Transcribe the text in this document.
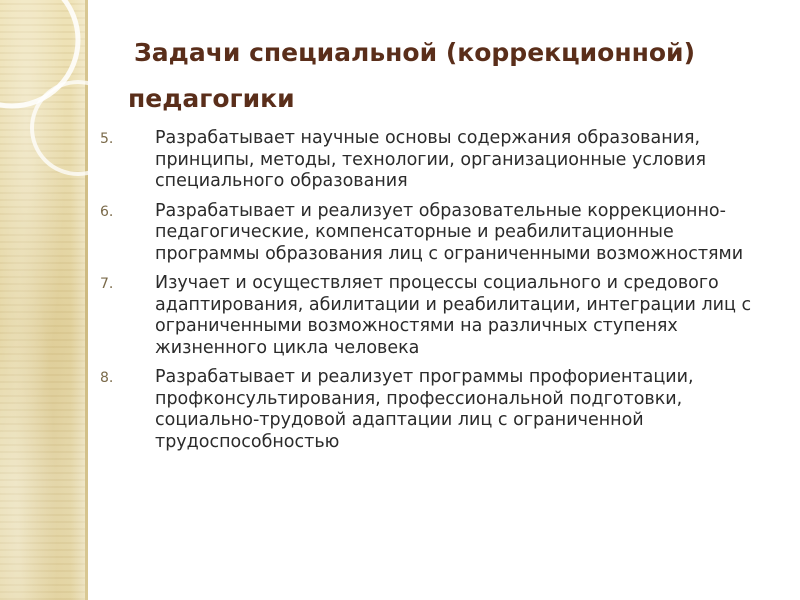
Задачи специальной (коррекционной)
педагогики
5. Разрабатывает научные основы содержания образования, принципы, методы, технологии, организационные условия специального образования
6. Разрабатывает и реализует образовательные коррекционно-педагогические, компенсаторные и реабилитационные программы образования лиц с ограниченными возможностями
7. Изучает и осуществляет процессы социального и средового адаптирования, абилитации и реабилитации, интеграции лиц с ограниченными возможностями на различных ступенях жизненного цикла человека
8. Разрабатывает и реализует программы профориентации, профконсультирования, профессиональной подготовки, социально-трудовой адаптации лиц с ограниченной трудоспособностью
